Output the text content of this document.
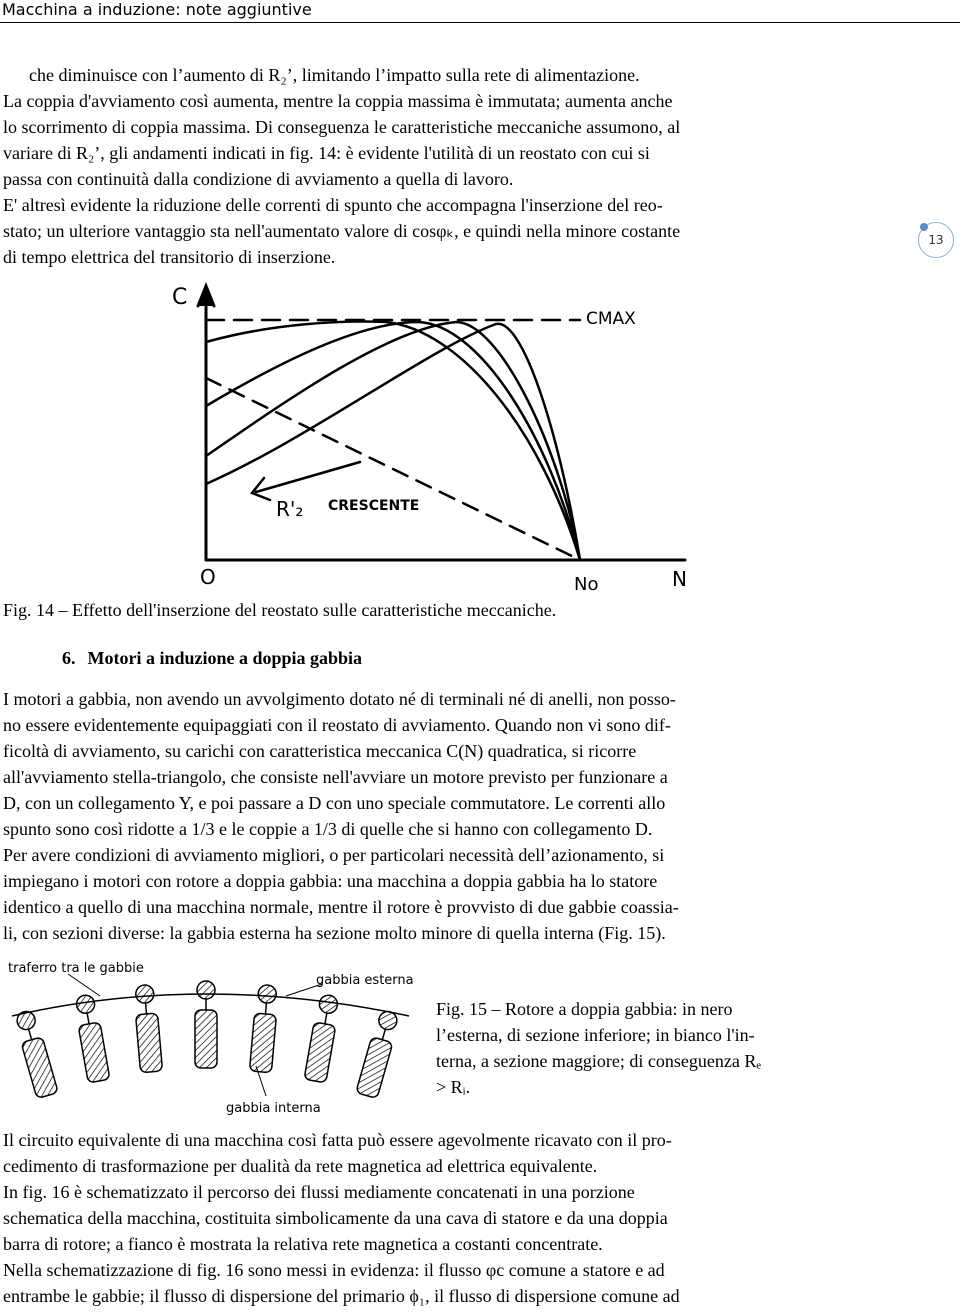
Macchina a induzione: note aggiuntive
13
che diminuisce con l’aumento di R₂’, limitando l’impatto sulla rete di alimentazione.
La coppia d'avviamento così aumenta, mentre la coppia massima è immutata; aumenta anche
lo scorrimento di coppia massima. Di conseguenza le caratteristiche meccaniche assumono, al
variare di R₂’, gli andamenti indicati in fig. 14: è evidente l'utilità di un reostato con cui si
passa con continuità dalla condizione di avviamento a quella di lavoro.
E' altresì evidente la riduzione delle correnti di spunto che accompagna l'inserzione del reo-
stato; un ulteriore vantaggio sta nell'aumentato valore di cosφₖ, e quindi nella minore costante
di tempo elettrica del transitorio di inserzione.
C
CMAX
R'₂ CRESCENTE
O	No	N
Fig. 14 – Effetto dell'inserzione del reostato sulle caratteristiche meccaniche.
6. Motori a induzione a doppia gabbia
I motori a gabbia, non avendo un avvolgimento dotato né di terminali né di anelli, non posso-
no essere evidentemente equipaggiati con il reostato di avviamento. Quando non vi sono dif-
ficoltà di avviamento, su carichi con caratteristica meccanica C(N) quadratica, si ricorre
all'avviamento stella-triangolo, che consiste nell'avviare un motore previsto per funzionare a
D, con un collegamento Y, e poi passare a D con uno speciale commutatore. Le correnti allo
spunto sono così ridotte a 1/3 e le coppie a 1/3 di quelle che si hanno con collegamento D.
Per avere condizioni di avviamento migliori, o per particolari necessità dell’azionamento, si
impiegano i motori con rotore a doppia gabbia: una macchina a doppia gabbia ha lo statore
identico a quello di una macchina normale, mentre il rotore è provvisto di due gabbie coassia-
li, con sezioni diverse: la gabbia esterna ha sezione molto minore di quella interna (Fig. 15).
traferro tra le gabbie
gabbia esterna
gabbia interna
Fig. 15 – Rotore a doppia gabbia: in nero
l’esterna, di sezione inferiore; in bianco l'in-
terna, a sezione maggiore; di conseguenza Rₑ
> Rᵢ.
Il circuito equivalente di una macchina così fatta può essere agevolmente ricavato con il pro-
cedimento di trasformazione per dualità da rete magnetica ad elettrica equivalente.
In fig. 16 è schematizzato il percorso dei flussi mediamente concatenati in una porzione
schematica della macchina, costituita simbolicamente da una cava di statore e da una doppia
barra di rotore; a fianco è mostrata la relativa rete magnetica a costanti concentrate.
Nella schematizzazione di fig. 16 sono messi in evidenza: il flusso φc comune a statore e ad
entrambe le gabbie; il flusso di dispersione del primario ϕ₁, il flusso di dispersione comune ad
